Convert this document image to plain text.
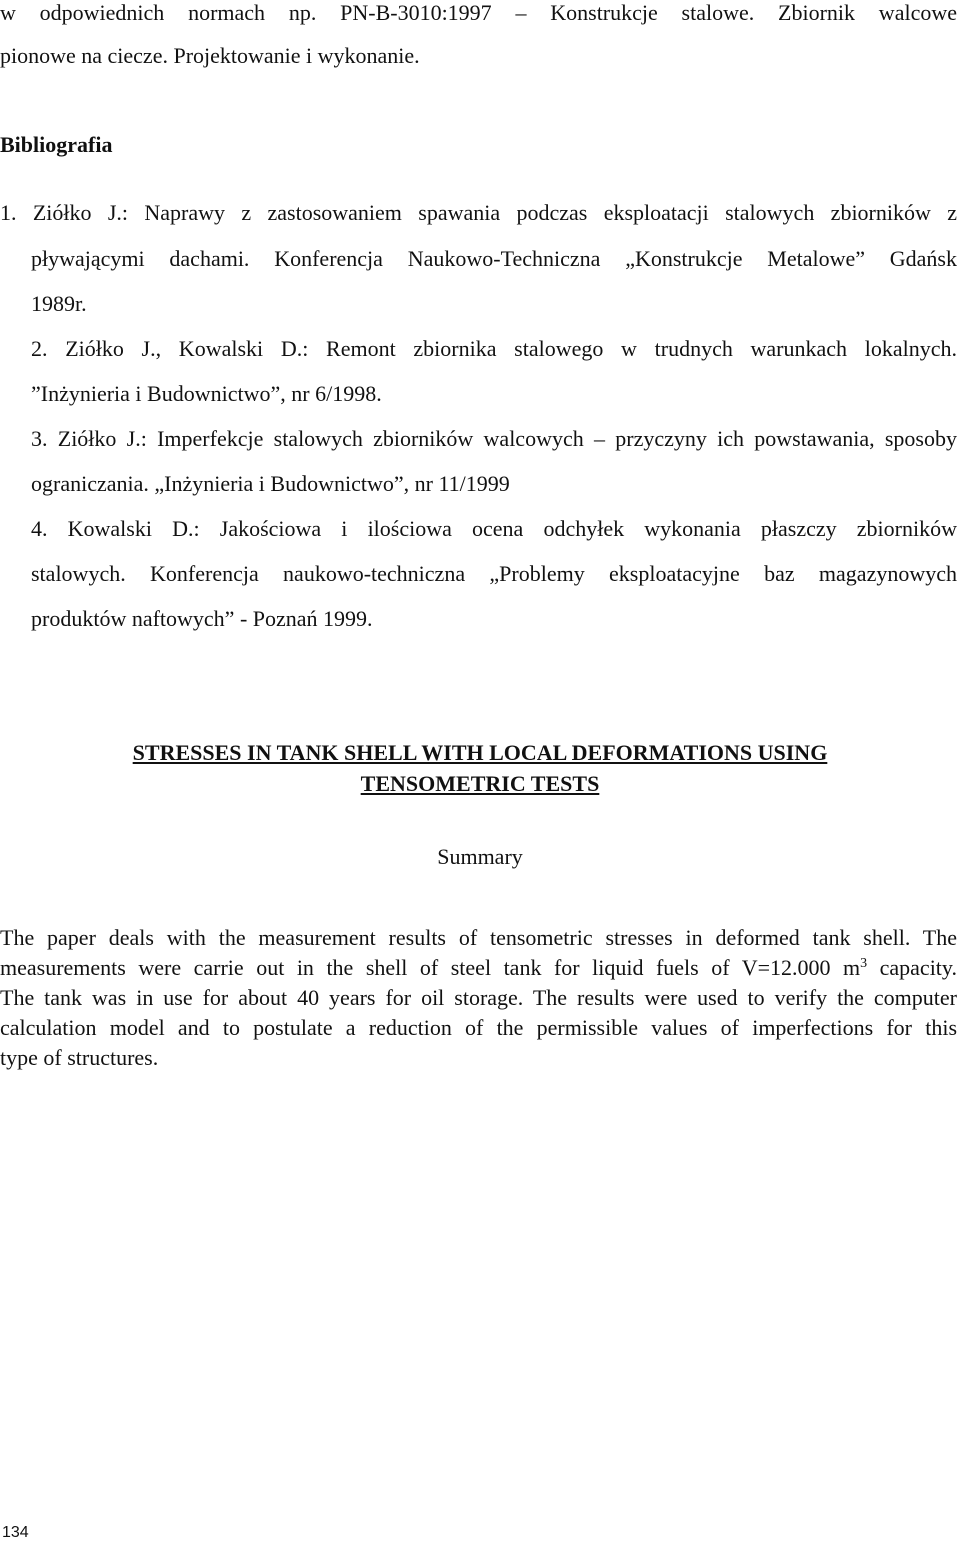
w odpowiednich normach np. PN-B-3010:1997 – Konstrukcje stalowe. Zbiornik walcowe
pionowe na ciecze. Projektowanie i wykonanie.
Bibliografia
1. Ziółko J.: Naprawy z zastosowaniem spawania podczas eksploatacji stalowych zbiorników z
pływającymi dachami. Konferencja Naukowo-Techniczna „Konstrukcje Metalowe” Gdańsk
1989r.
2. Ziółko J., Kowalski D.: Remont zbiornika stalowego w trudnych warunkach lokalnych.
”Inżynieria i Budownictwo”, nr 6/1998.
3. Ziółko J.: Imperfekcje stalowych zbiorników walcowych – przyczyny ich powstawania, sposoby
ograniczania. „Inżynieria i Budownictwo”, nr 11/1999
4. Kowalski D.: Jakościowa i ilościowa ocena odchyłek wykonania płaszczy zbiorników
stalowych. Konferencja naukowo-techniczna „Problemy eksploatacyjne baz magazynowych
produktów naftowych” - Poznań 1999.
STRESSES IN TANK SHELL WITH LOCAL DEFORMATIONS USING
TENSOMETRIC TESTS
Summary
The paper deals with the measurement results of tensometric stresses in deformed tank shell. The
measurements were carrie out in the shell of steel tank for liquid fuels of V=12.000 $m^3$ capacity.
The tank was in use for about 40 years for oil storage. The results were used to verify the computer
calculation model and to postulate a reduction of the permissible values of imperfections for this
type of structures.
134
